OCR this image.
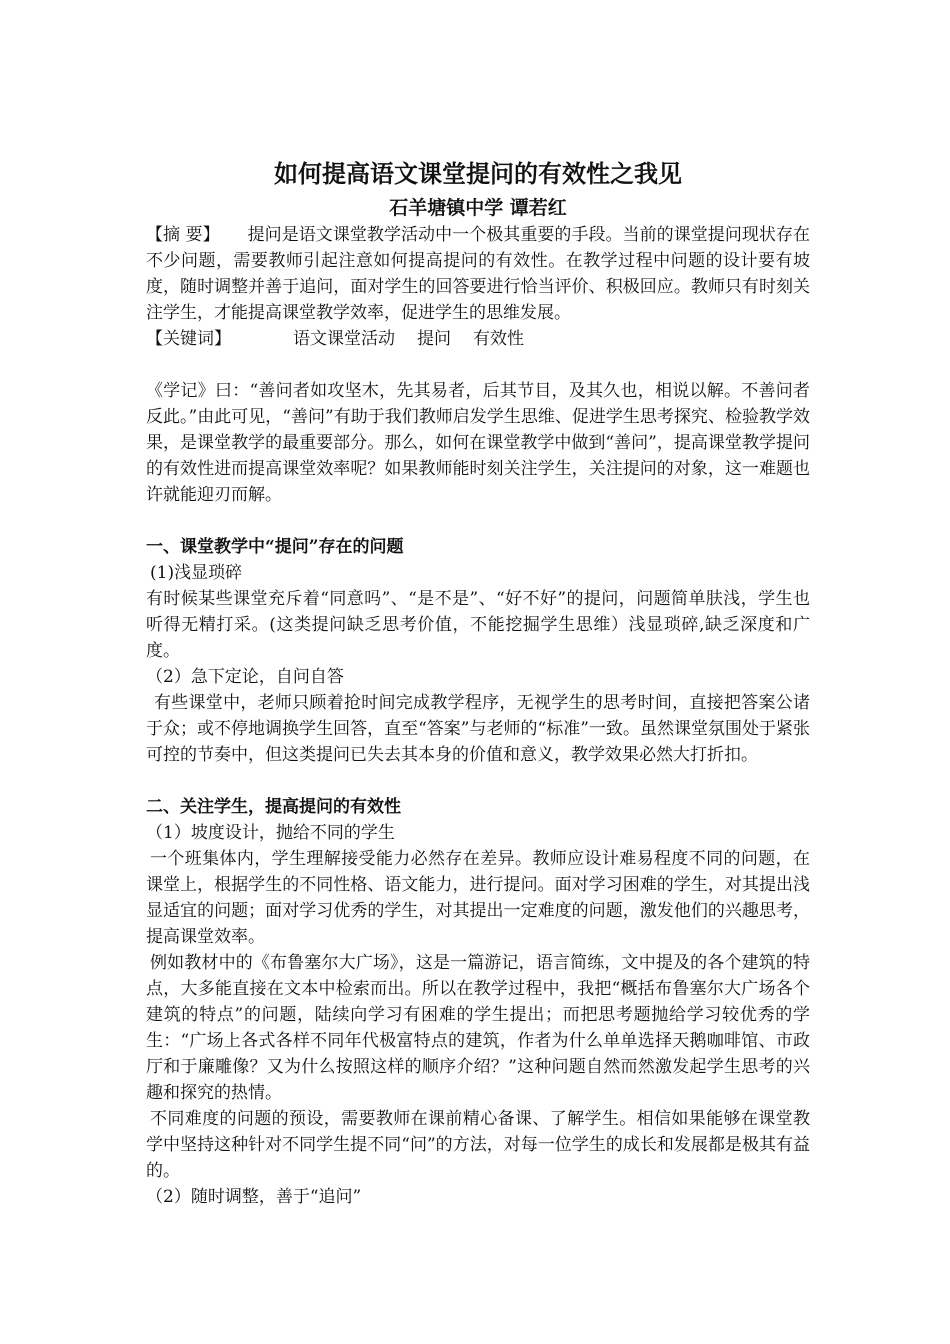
如何提高语文课堂提问的有效性之我见
石羊塘镇中学 谭若红

【摘 要】 提问是语文课堂教学活动中一个极其重要的手段。当前的课堂提问现状存在不少问题，需要教师引起注意如何提高提问的有效性。在教学过程中问题的设计要有坡度，随时调整并善于追问，面对学生的回答要进行恰当评价、积极回应。教师只有时刻关注学生，才能提高课堂教学效率，促进学生的思维发展。

【关键词】	语文课堂活动 提问 有效性

《学记》曰：“善问者如攻坚木，先其易者，后其节目，及其久也，相说以解。不善问者反此。”由此可见，“善问”有助于我们教师启发学生思维、促进学生思考探究、检验教学效果，是课堂教学的最重要部分。那么，如何在课堂教学中做到“善问”，提高课堂教学提问的有效性进而提高课堂效率呢？如果教师能时刻关注学生，关注提问的对象，这一难题也许就能迎刃而解。

一、课堂教学中“提问”存在的问题

(1)浅显琐碎

有时候某些课堂充斥着“同意吗”、“是不是”、“好不好”的提问，问题简单肤浅，学生也听得无精打采。(这类提问缺乏思考价值，不能挖掘学生思维）浅显琐碎,缺乏深度和广度。

（2）急下定论，自问自答

有些课堂中，老师只顾着抢时间完成教学程序，无视学生的思考时间，直接把答案公诸于众；或不停地调换学生回答，直至“答案”与老师的“标准”一致。虽然课堂氛围处于紧张可控的节奏中，但这类提问已失去其本身的价值和意义，教学效果必然大打折扣。

二、关注学生，提高提问的有效性

（1）坡度设计，抛给不同的学生

一个班集体内，学生理解接受能力必然存在差异。教师应设计难易程度不同的问题，在课堂上，根据学生的不同性格、语文能力，进行提问。面对学习困难的学生，对其提出浅显适宜的问题；面对学习优秀的学生，对其提出一定难度的问题，激发他们的兴趣思考，提高课堂效率。

例如教材中的《布鲁塞尔大广场》，这是一篇游记，语言简练，文中提及的各个建筑的特点，大多能直接在文本中检索而出。所以在教学过程中，我把“概括布鲁塞尔大广场各个建筑的特点”的问题，陆续向学习有困难的学生提出；而把思考题抛给学习较优秀的学生：“广场上各式各样不同年代极富特点的建筑，作者为什么单单选择天鹅咖啡馆、市政厅和于廉雕像？又为什么按照这样的顺序介绍？”这种问题自然而然激发起学生思考的兴趣和探究的热情。

不同难度的问题的预设，需要教师在课前精心备课、了解学生。相信如果能够在课堂教学中坚持这种针对不同学生提不同“问”的方法，对每一位学生的成长和发展都是极其有益的。

（2）随时调整，善于“追问”
